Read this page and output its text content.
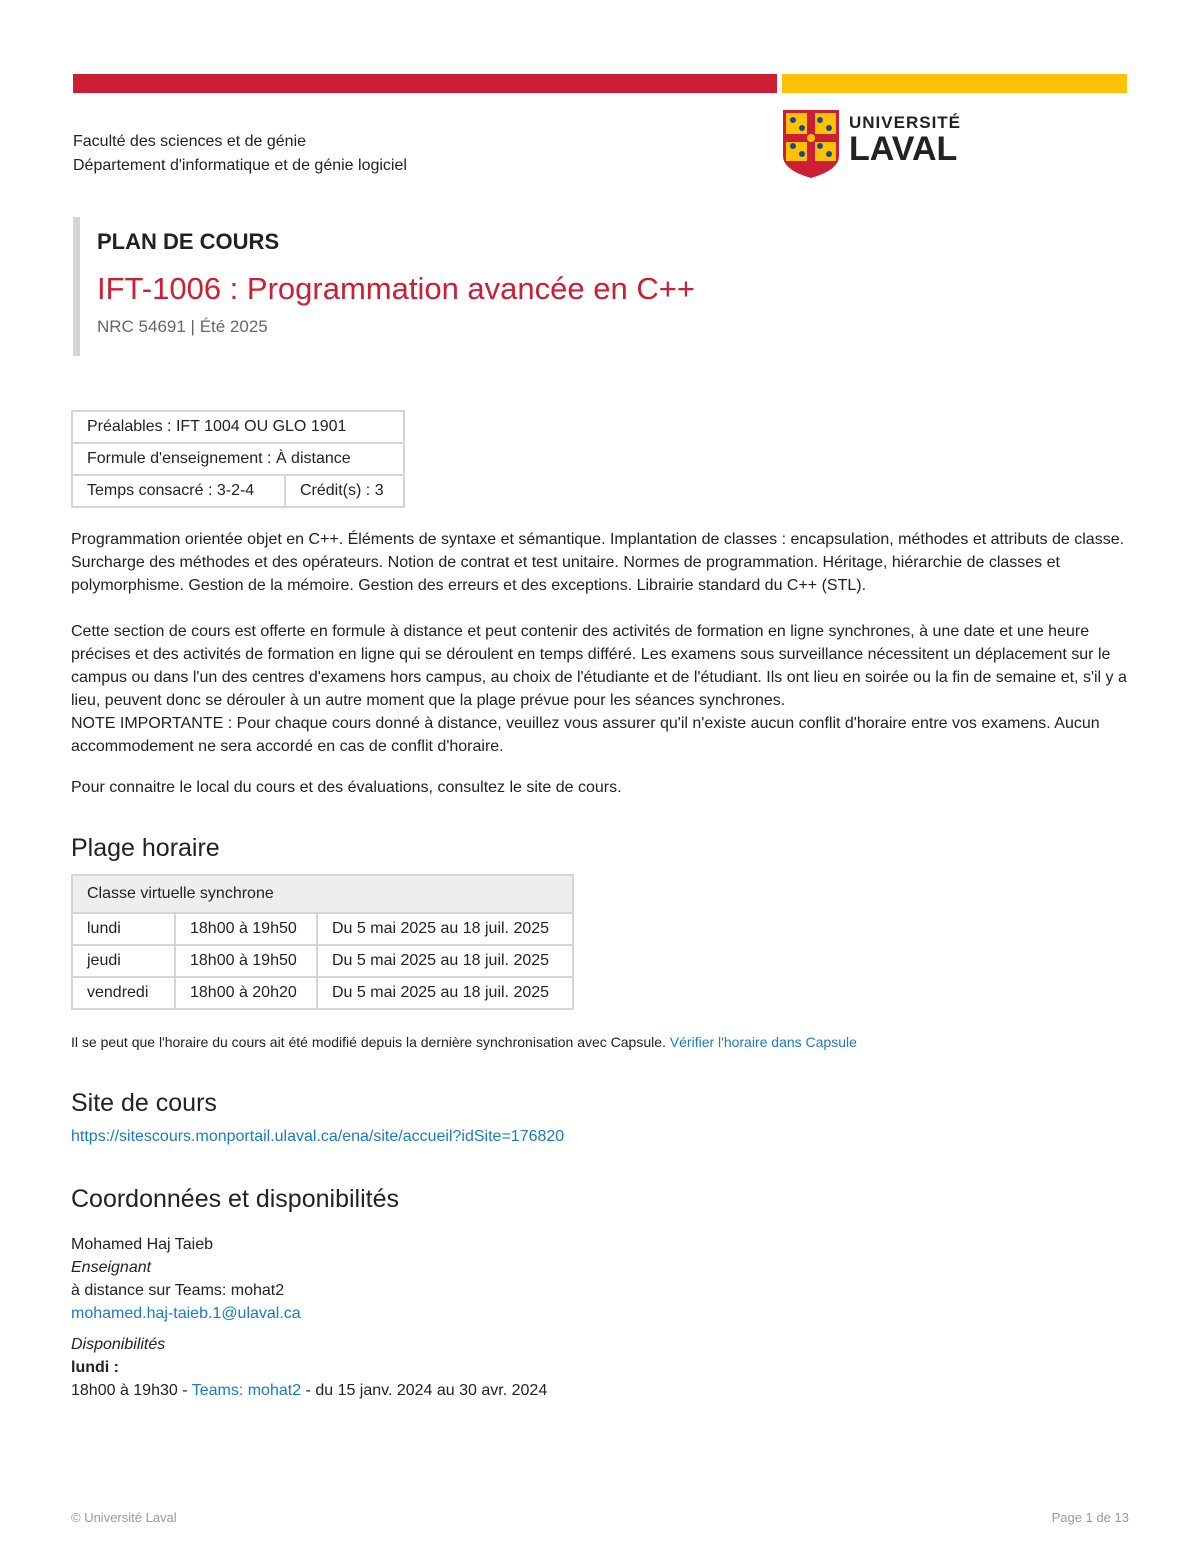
Faculté des sciences et de génie
Département d'informatique et de génie logiciel
UNIVERSITÉ
LAVAL
PLAN DE COURS
IFT-1006 : Programmation avancée en C++
NRC 54691 | Été 2025
Préalables : IFT 1004 OU GLO 1901
Formule d'enseignement : À distance
Temps consacré : 3-2-4	Crédit(s) : 3

Programmation orientée objet en C++. Éléments de syntaxe et sémantique. Implantation de classes : encapsulation, méthodes et attributs de classe. Surcharge des méthodes et des opérateurs. Notion de contrat et test unitaire. Normes de programmation. Héritage, hiérarchie de classes et polymorphisme. Gestion de la mémoire. Gestion des erreurs et des exceptions. Librairie standard du C++ (STL).

Cette section de cours est offerte en formule à distance et peut contenir des activités de formation en ligne synchrones, à une date et une heure précises et des activités de formation en ligne qui se déroulent en temps différé. Les examens sous surveillance nécessitent un déplacement sur le campus ou dans l'un des centres d'examens hors campus, au choix de l'étudiante et de l'étudiant. Ils ont lieu en soirée ou la fin de semaine et, s'il y a lieu, peuvent donc se dérouler à un autre moment que la plage prévue pour les séances synchrones.
NOTE IMPORTANTE : Pour chaque cours donné à distance, veuillez vous assurer qu'il n'existe aucun conflit d'horaire entre vos examens. Aucun accommodement ne sera accordé en cas de conflit d'horaire.

Pour connaitre le local du cours et des évaluations, consultez le site de cours.

Plage horaire
Classe virtuelle synchrone		
lundi	18h00 à 19h50	Du 5 mai 2025 au 18 juil. 2025
jeudi	18h00 à 19h50	Du 5 mai 2025 au 18 juil. 2025
vendredi	18h00 à 20h20	Du 5 mai 2025 au 18 juil. 2025
Il se peut que l'horaire du cours ait été modifié depuis la dernière synchronisation avec Capsule. Vérifier l'horaire dans Capsule
Site de cours
https://sitescours.monportail.ulaval.ca/ena/site/accueil?idSite=176820
Coordonnées et disponibilités
Mohamed Haj Taieb
Enseignant
à distance sur Teams: mohat2
mohamed.haj-taieb.1@ulaval.ca
Disponibilités
lundi :
18h00 à 19h30 - Teams: mohat2 - du 15 janv. 2024 au 30 avr. 2024
© Université Laval	Page 1 de 13
